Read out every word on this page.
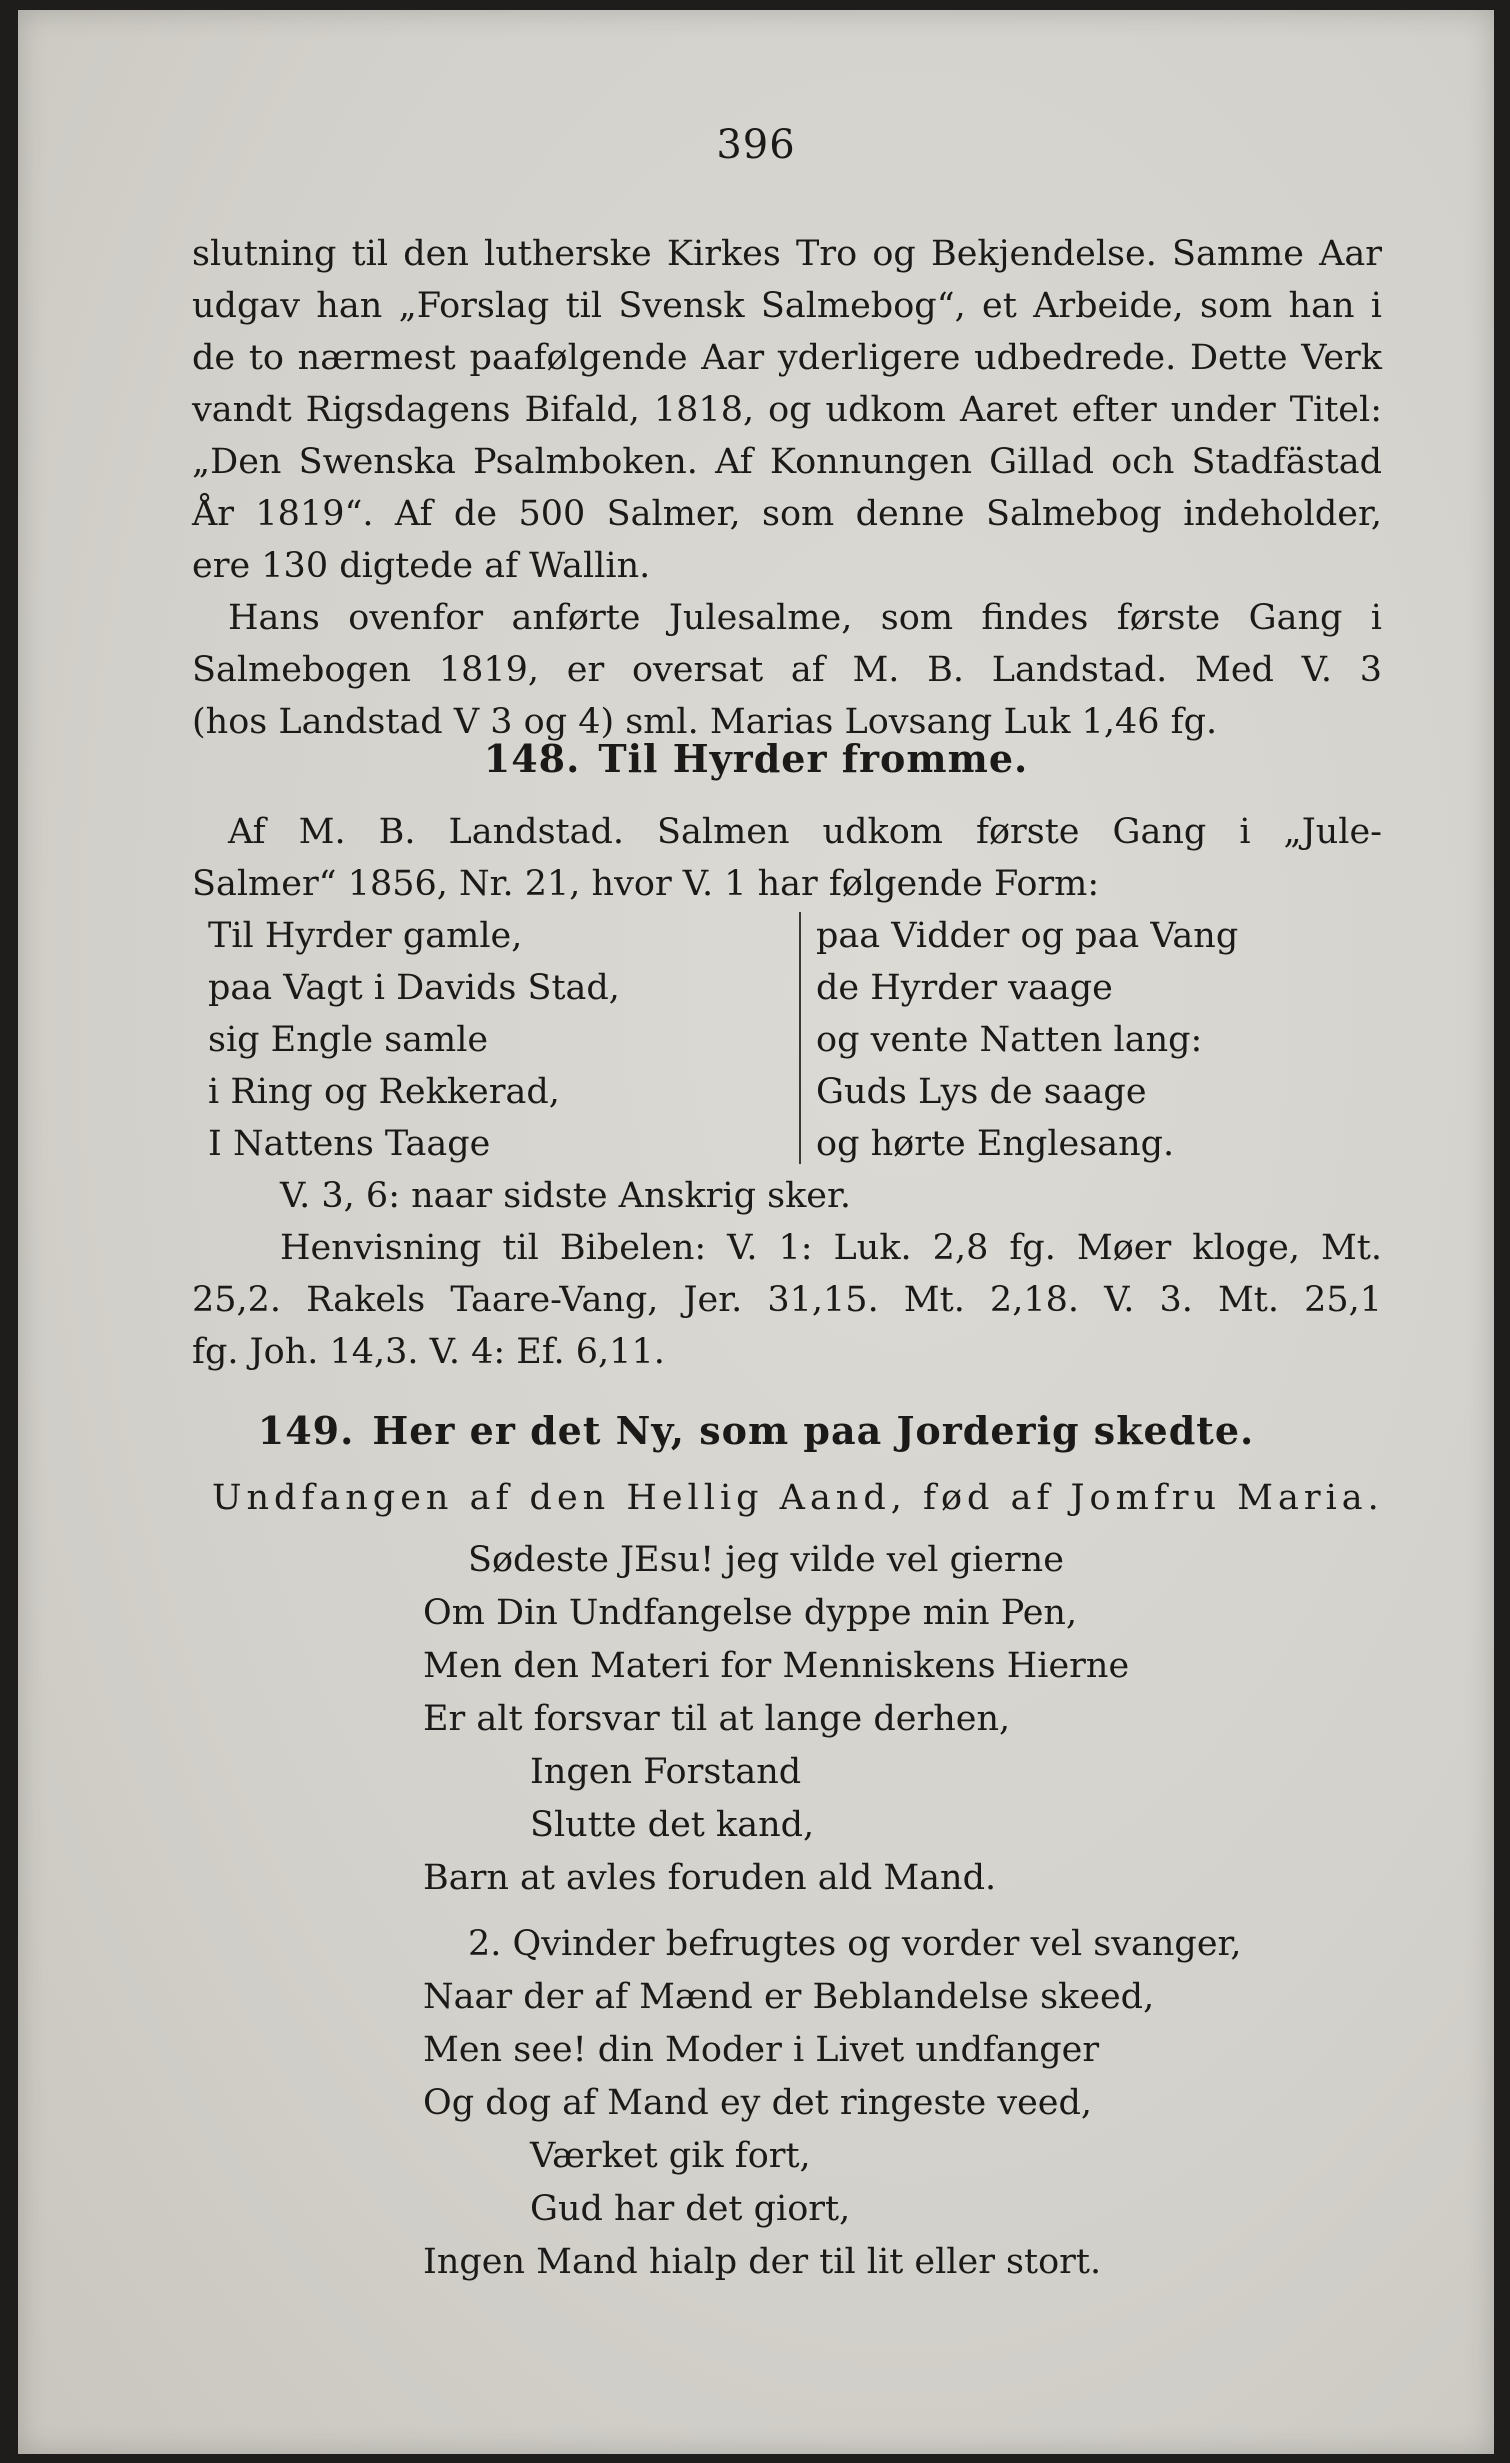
396
slutning til den lutherske Kirkes Tro og Bekjendelse. Samme Aar
udgav han „Forslag til Svensk Salmebog“, et Arbeide, som han i
de to nærmest paafølgende Aar yderligere udbedrede. Dette Verk
vandt Rigsdagens Bifald, 1818, og udkom Aaret efter under Titel:
„Den Swenska Psalmboken. Af Konnungen Gillad och Stadfästad
År 1819“. Af de 500 Salmer, som denne Salmebog indeholder,
ere 130 digtede af Wallin.
Hans ovenfor anførte Julesalme, som findes første Gang i
Salmebogen 1819, er oversat af M. B. Landstad. Med V. 3
(hos Landstad V 3 og 4) sml. Marias Lovsang Luk 1,46 fg.
148. Til Hyrder fromme.
Af M. B. Landstad. Salmen udkom første Gang i „Jule-
Salmer“ 1856, Nr. 21, hvor V. 1 har følgende Form:
Til Hyrder gamle,
paa Vagt i Davids Stad,
sig Engle samle
i Ring og Rekkerad,
I Nattens Taage
paa Vidder og paa Vang
de Hyrder vaage
og vente Natten lang:
Guds Lys de saage
og hørte Englesang.
V. 3, 6: naar sidste Anskrig sker.
Henvisning til Bibelen: V. 1: Luk. 2,8 fg. Møer kloge, Mt.
25,2. Rakels Taare-Vang, Jer. 31,15. Mt. 2,18. V. 3. Mt. 25,1
fg. Joh. 14,3. V. 4: Ef. 6,11.
149. Her er det Ny, som paa Jorderig skedte.
Undfangen af den Hellig Aand, fød af Jomfru Maria.
Sødeste JEsu! jeg vilde vel gierne
Om Din Undfangelse dyppe min Pen,
Men den Materi for Menniskens Hierne
Er alt forsvar til at lange derhen,
Ingen Forstand
Slutte det kand,
Barn at avles foruden ald Mand.
2. Qvinder befrugtes og vorder vel svanger,
Naar der af Mænd er Beblandelse skeed,
Men see! din Moder i Livet undfanger
Og dog af Mand ey det ringeste veed,
Værket gik fort,
Gud har det giort,
Ingen Mand hialp der til lit eller stort.
